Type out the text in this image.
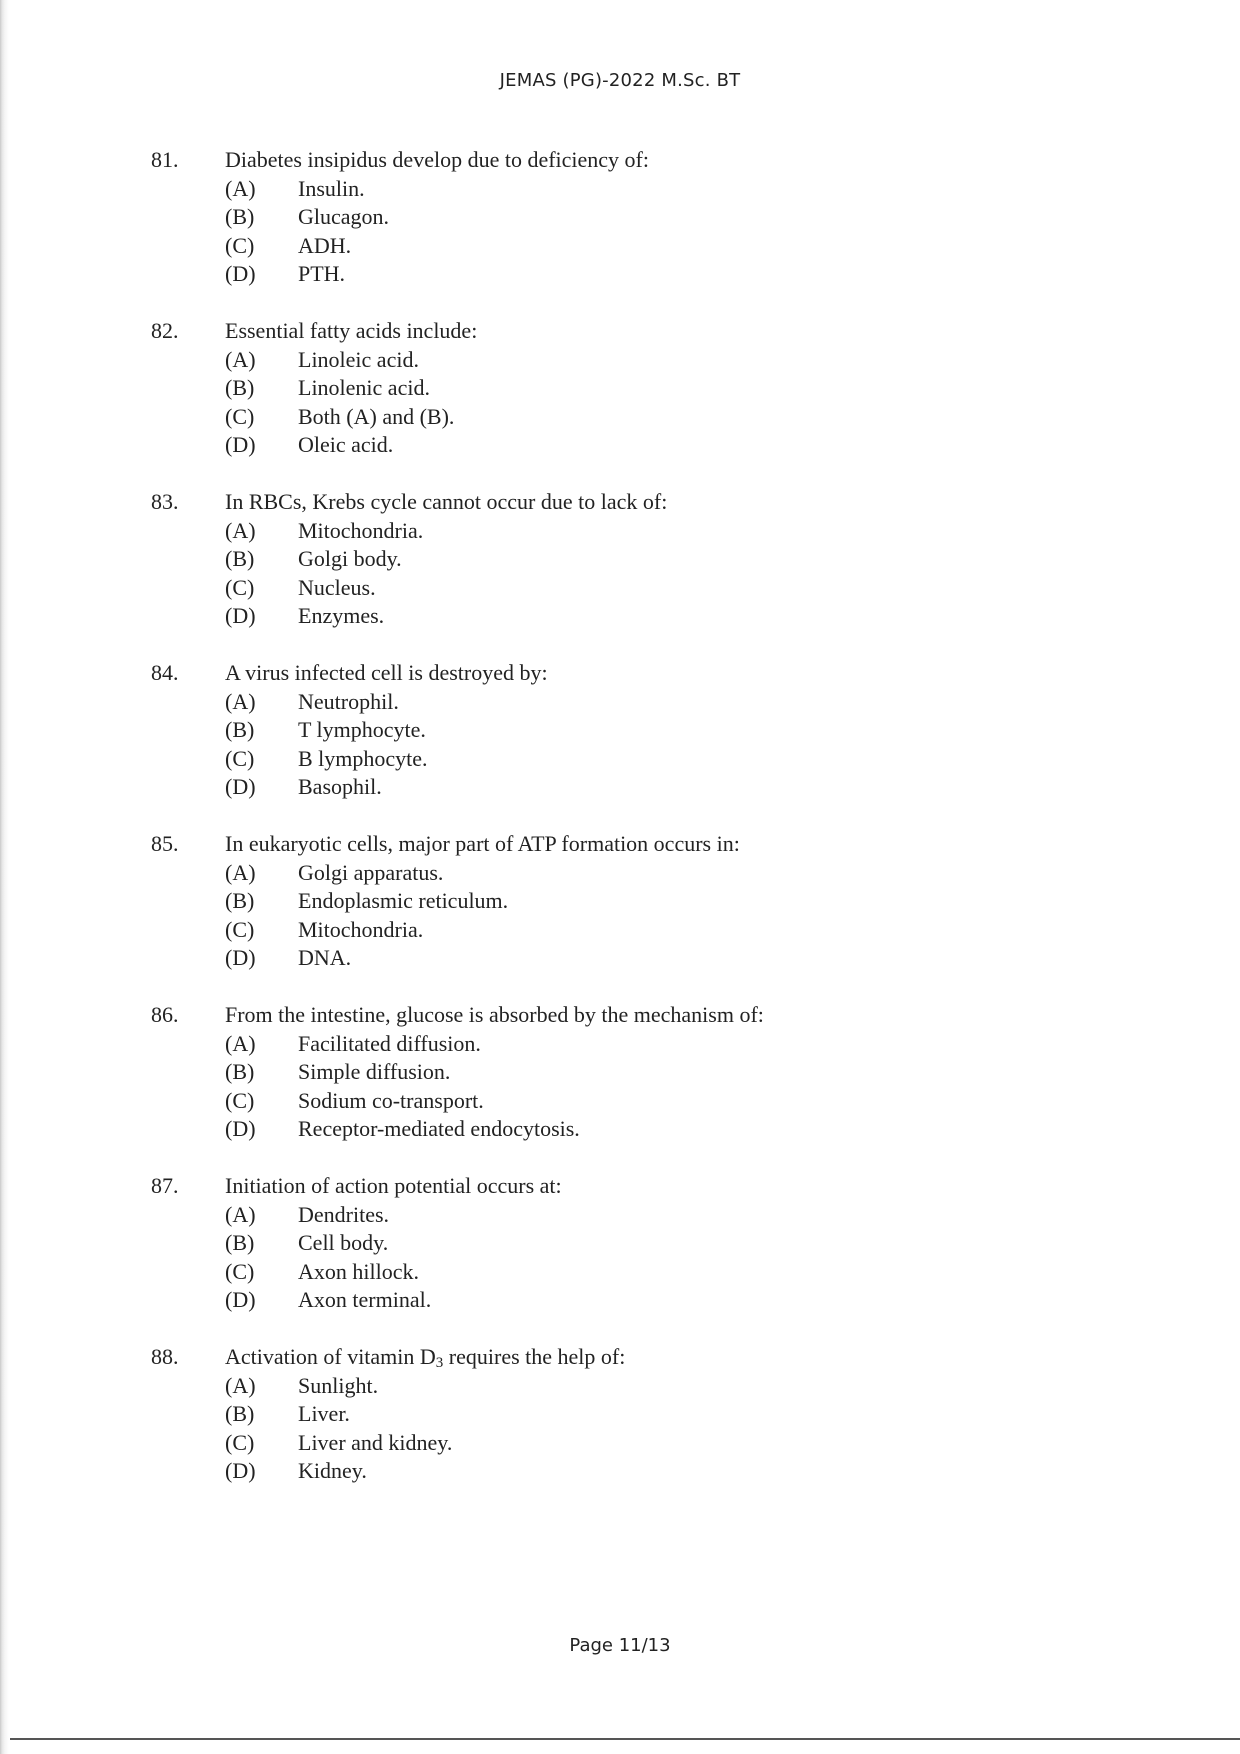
JEMAS (PG)-2022 M.Sc. BT
81. Diabetes insipidus develop due to deficiency of:
(A) Insulin.
(B) Glucagon.
(C) ADH.
(D) PTH.
82. Essential fatty acids include:
(A) Linoleic acid.
(B) Linolenic acid.
(C) Both (A) and (B).
(D) Oleic acid.
83. In RBCs, Krebs cycle cannot occur due to lack of:
(A) Mitochondria.
(B) Golgi body.
(C) Nucleus.
(D) Enzymes.
84. A virus infected cell is destroyed by:
(A) Neutrophil.
(B) T lymphocyte.
(C) B lymphocyte.
(D) Basophil.
85. In eukaryotic cells, major part of ATP formation occurs in:
(A) Golgi apparatus.
(B) Endoplasmic reticulum.
(C) Mitochondria.
(D) DNA.
86. From the intestine, glucose is absorbed by the mechanism of:
(A) Facilitated diffusion.
(B) Simple diffusion.
(C) Sodium co-transport.
(D) Receptor-mediated endocytosis.
87. Initiation of action potential occurs at:
(A) Dendrites.
(B) Cell body.
(C) Axon hillock.
(D) Axon terminal.
88. Activation of vitamin $D_3$ requires the help of:
(A) Sunlight.
(B) Liver.
(C) Liver and kidney.
(D) Kidney.
Page 11/13
